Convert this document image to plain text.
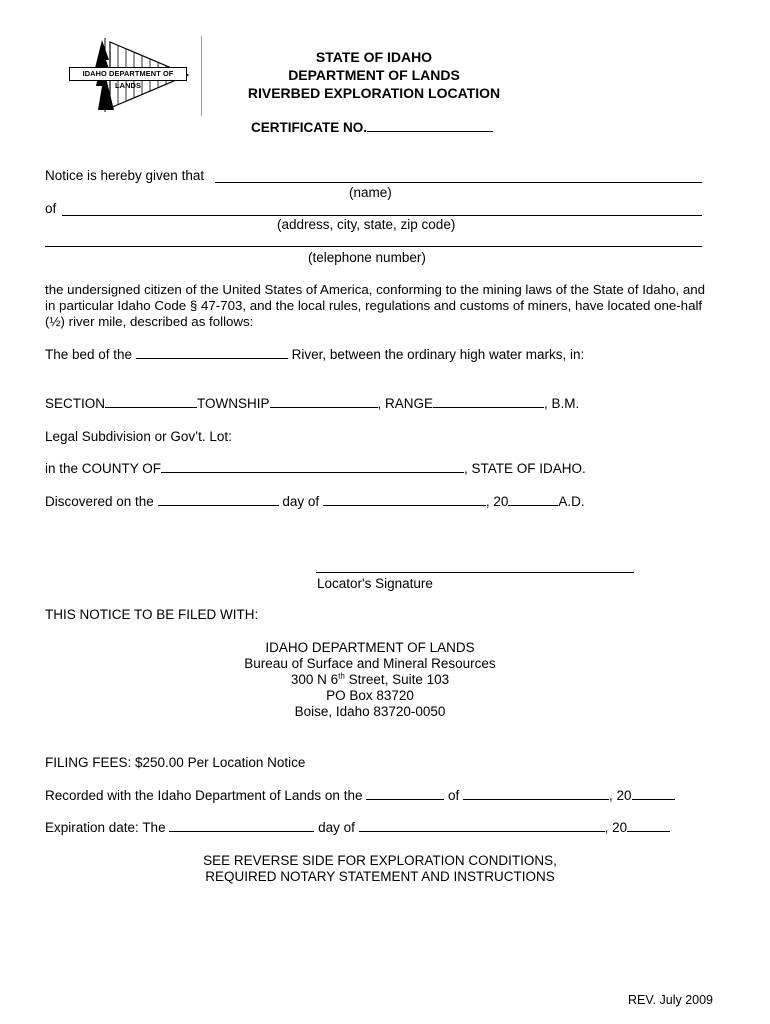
IDAHO DEPARTMENT OF LANDS
STATE OF IDAHO
DEPARTMENT OF LANDS
RIVERBED EXPLORATION LOCATION
CERTIFICATE NO.
Notice is hereby given that
(name)
of
(address, city, state, zip code)
(telephone number)
the undersigned citizen of the United States of America, conforming to the mining laws of the State of Idaho, and
in particular Idaho Code § 47-703, and the local rules, regulations and customs of miners, have located one-half
(½) river mile, described as follows:
The bed of the	River, between the ordinary high water marks, in:
SECTION	TOWNSHIP	, RANGE	, B.M.
Legal Subdivision or Gov’t. Lot:
in the COUNTY OF	, STATE OF IDAHO.
Discovered on the	day of	, 20	A.D.
Locator's Signature
THIS NOTICE TO BE FILED WITH:
IDAHO DEPARTMENT OF LANDS
Bureau of Surface and Mineral Resources
300 N 6th Street, Suite 103
PO Box 83720
Boise, Idaho 83720-0050
FILING FEES: $250.00 Per Location Notice
Recorded with the Idaho Department of Lands on the	of	, 20
Expiration date: The	day of	, 20
SEE REVERSE SIDE FOR EXPLORATION CONDITIONS,
REQUIRED NOTARY STATEMENT AND INSTRUCTIONS
REV. July 2009
